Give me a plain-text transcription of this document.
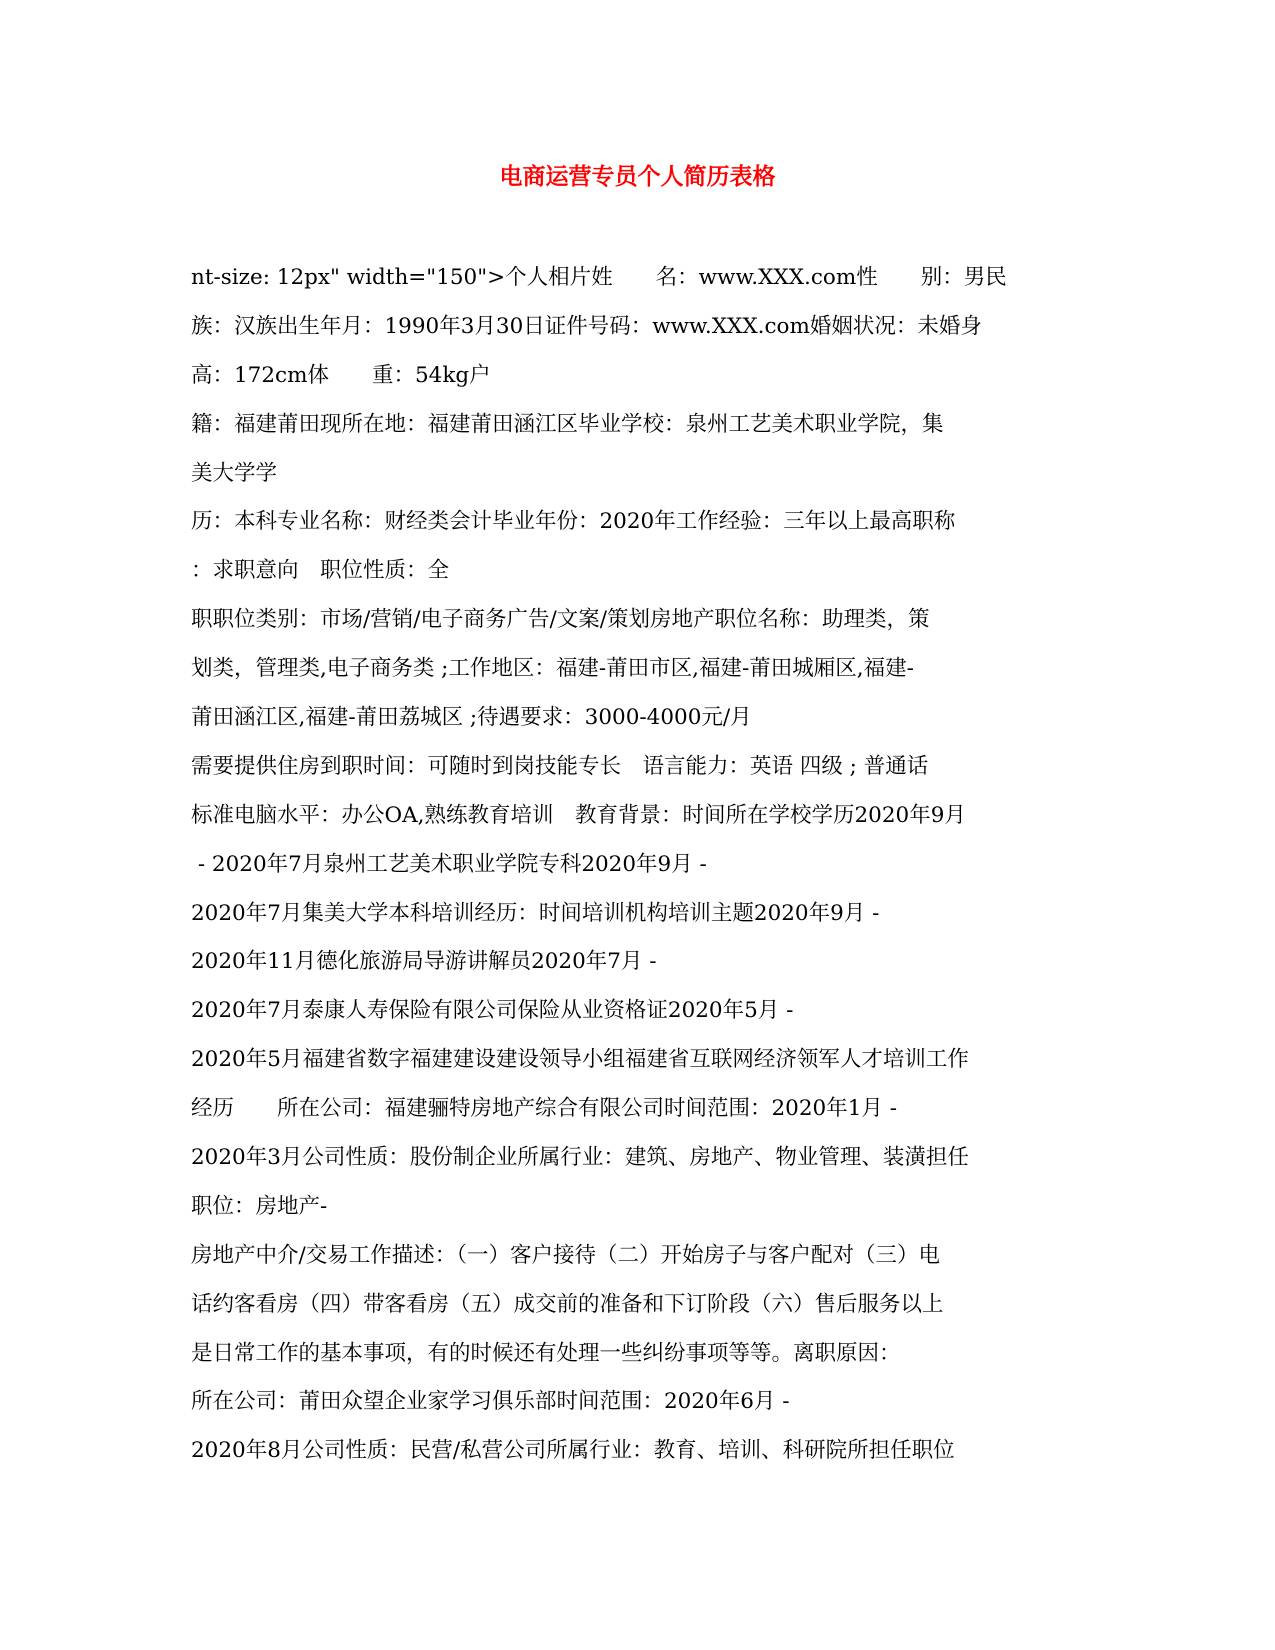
电商运营专员个人简历表格
nt-size: 12px" width="150">个人相片姓　　名：www.XXX.com性　　别：男民
族：汉族出生年月：1990年3月30日证件号码：www.XXX.com婚姻状况：未婚身
高：172cm体　　重：54kg户
籍：福建莆田现所在地：福建莆田涵江区毕业学校：泉州工艺美术职业学院，集
美大学学
历：本科专业名称：财经类会计毕业年份：2020年工作经验：三年以上最高职称
：求职意向　职位性质：全
职职位类别：市场/营销/电子商务广告/文案/策划房地产职位名称：助理类，策
划类，管理类,电子商务类 ;工作地区：福建-莆田市区,福建-莆田城厢区,福建-
莆田涵江区,福建-莆田荔城区 ;待遇要求：3000-4000元/月
需要提供住房到职时间：可随时到岗技能专长　语言能力：英语 四级 ; 普通话
标准电脑水平：办公OA,熟练教育培训　教育背景：时间所在学校学历2020年9月
- 2020年7月泉州工艺美术职业学院专科2020年9月 -
2020年7月集美大学本科培训经历：时间培训机构培训主题2020年9月 -
2020年11月德化旅游局导游讲解员2020年7月 -
2020年7月泰康人寿保险有限公司保险从业资格证2020年5月 -
2020年5月福建省数字福建建设建设领导小组福建省互联网经济领军人才培训工作
经历　　所在公司：福建骊特房地产综合有限公司时间范围：2020年1月 -
2020年3月公司性质：股份制企业所属行业：建筑、房地产、物业管理、装潢担任
职位：房地产-
房地产中介/交易工作描述：（一）客户接待（二）开始房子与客户配对（三）电
话约客看房（四）带客看房（五）成交前的准备和下订阶段（六）售后服务以上
是日常工作的基本事项，有的时候还有处理一些纠纷事项等等。离职原因：
所在公司：莆田众望企业家学习俱乐部时间范围：2020年6月 -
2020年8月公司性质：民营/私营公司所属行业：教育、培训、科研院所担任职位
